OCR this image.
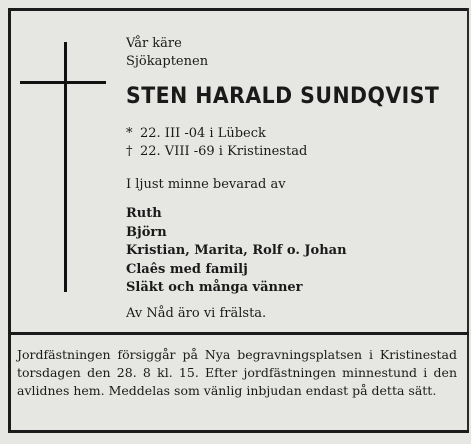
Vår käre
Sjökaptenen
STEN HARALD SUNDQVIST
* 22. III -04 i Lübeck
† 22. VIII -69 i Kristinestad
I ljust minne bevarad av
Ruth
Björn
Kristian, Marita, Rolf o. Johan
Claês med familj
Släkt och många vänner
Av Nåd äro vi frälsta.
Jordfästningen försiggår på Nya begravningsplatsen i Kristinestad torsdagen den 28. 8 kl. 15. Efter jordfästningen minnestund i den avlidnes hem. Meddelas som vänlig inbjudan endast på detta sätt.
